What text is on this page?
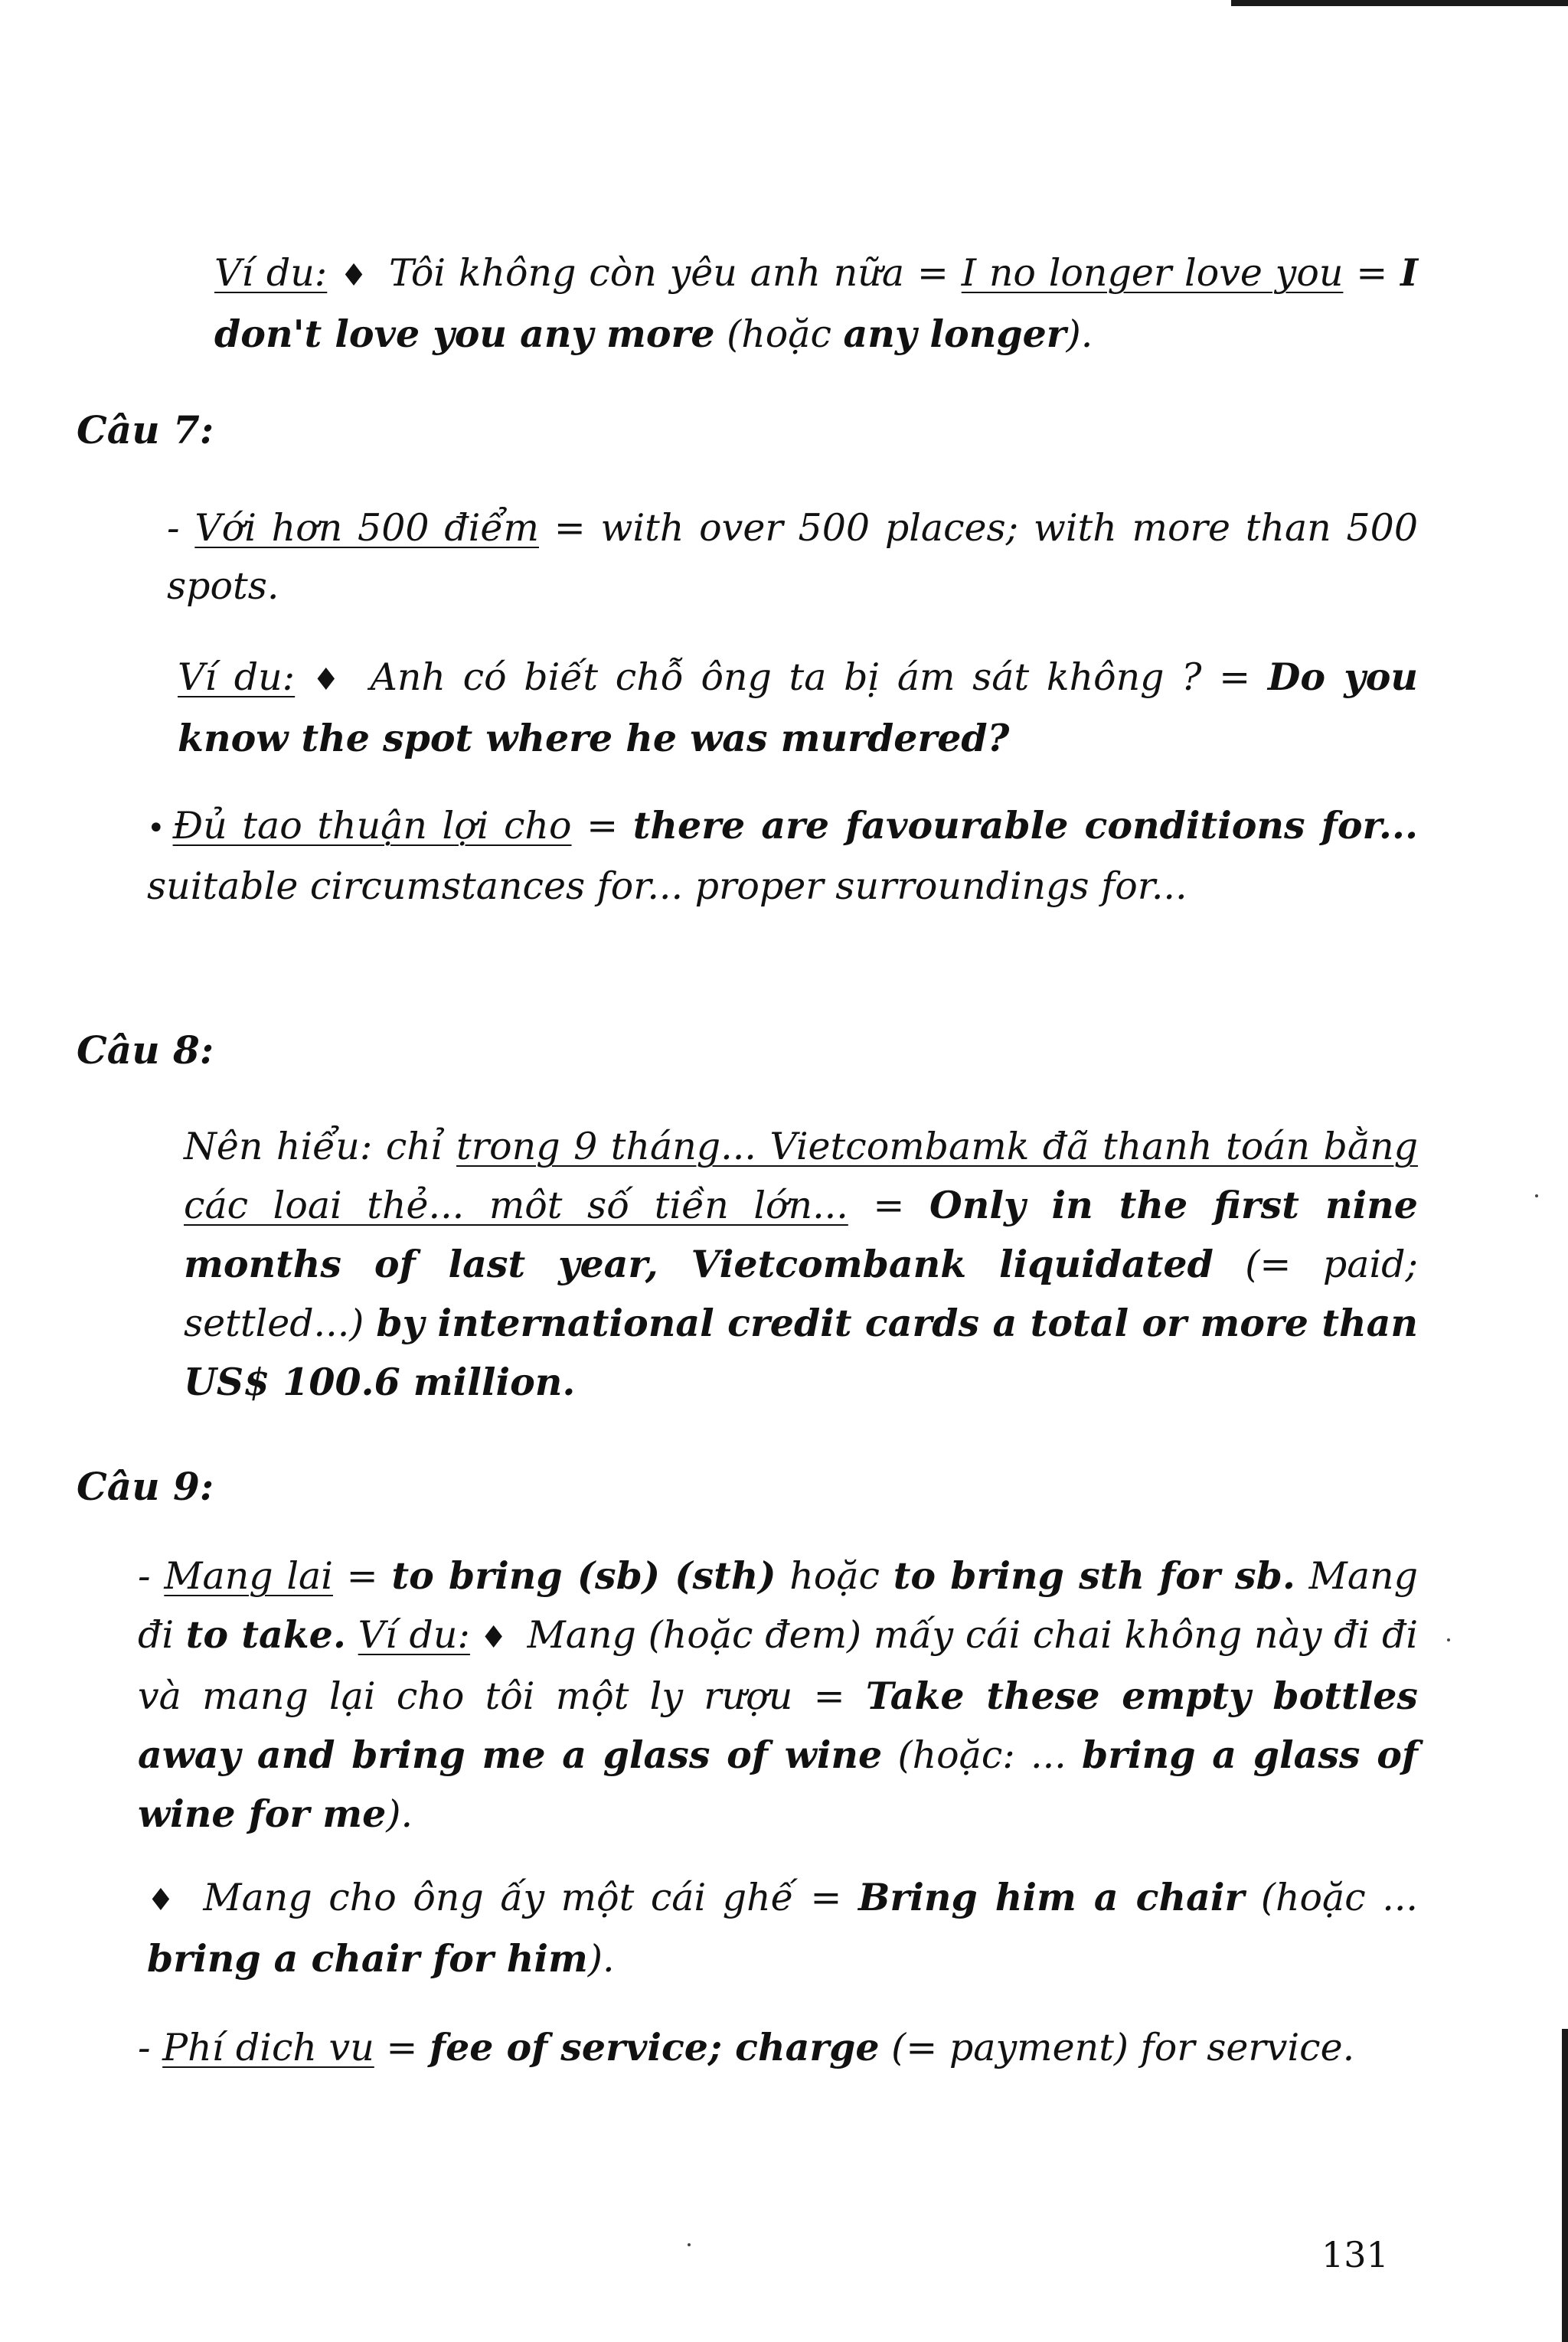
Ví du: ♦ Tôi không còn yêu anh nữa = I no longer love you = I don't love you any more (hoặc any longer).

Câu 7:

- Với hơn 500 điểm = with over 500 places; with more than 500 spots.

Ví du: ♦ Anh có biết chỗ ông ta bị ám sát không ? = Do you know the spot where he was murdered?

• Đủ tao thuận lợi cho = there are favourable conditions for... suitable circumstances for... proper surroundings for...

Câu 8:

Nên hiểu: chỉ trong 9 tháng... Vietcombamk đã thanh toán bằng các loai thẻ... môt số tiền lớn... = Only in the first nine months of last year, Vietcombank liquidated (= paid; settled...) by international credit cards a total or more than US$ 100.6 million.

Câu 9:

- Mang lai = to bring (sb) (sth) hoặc to bring sth for sb. Mang đi to take. Ví du: ♦ Mang (hoặc đem) mấy cái chai không này đi đi và mang lại cho tôi một ly rượu = Take these empty bottles away and bring me a glass of wine (hoặc: ... bring a glass of wine for me).

♦ Mang cho ông ấy một cái ghế = Bring him a chair (hoặc ... bring a chair for him).

- Phí dich vu = fee of service; charge (= payment) for service.

131
